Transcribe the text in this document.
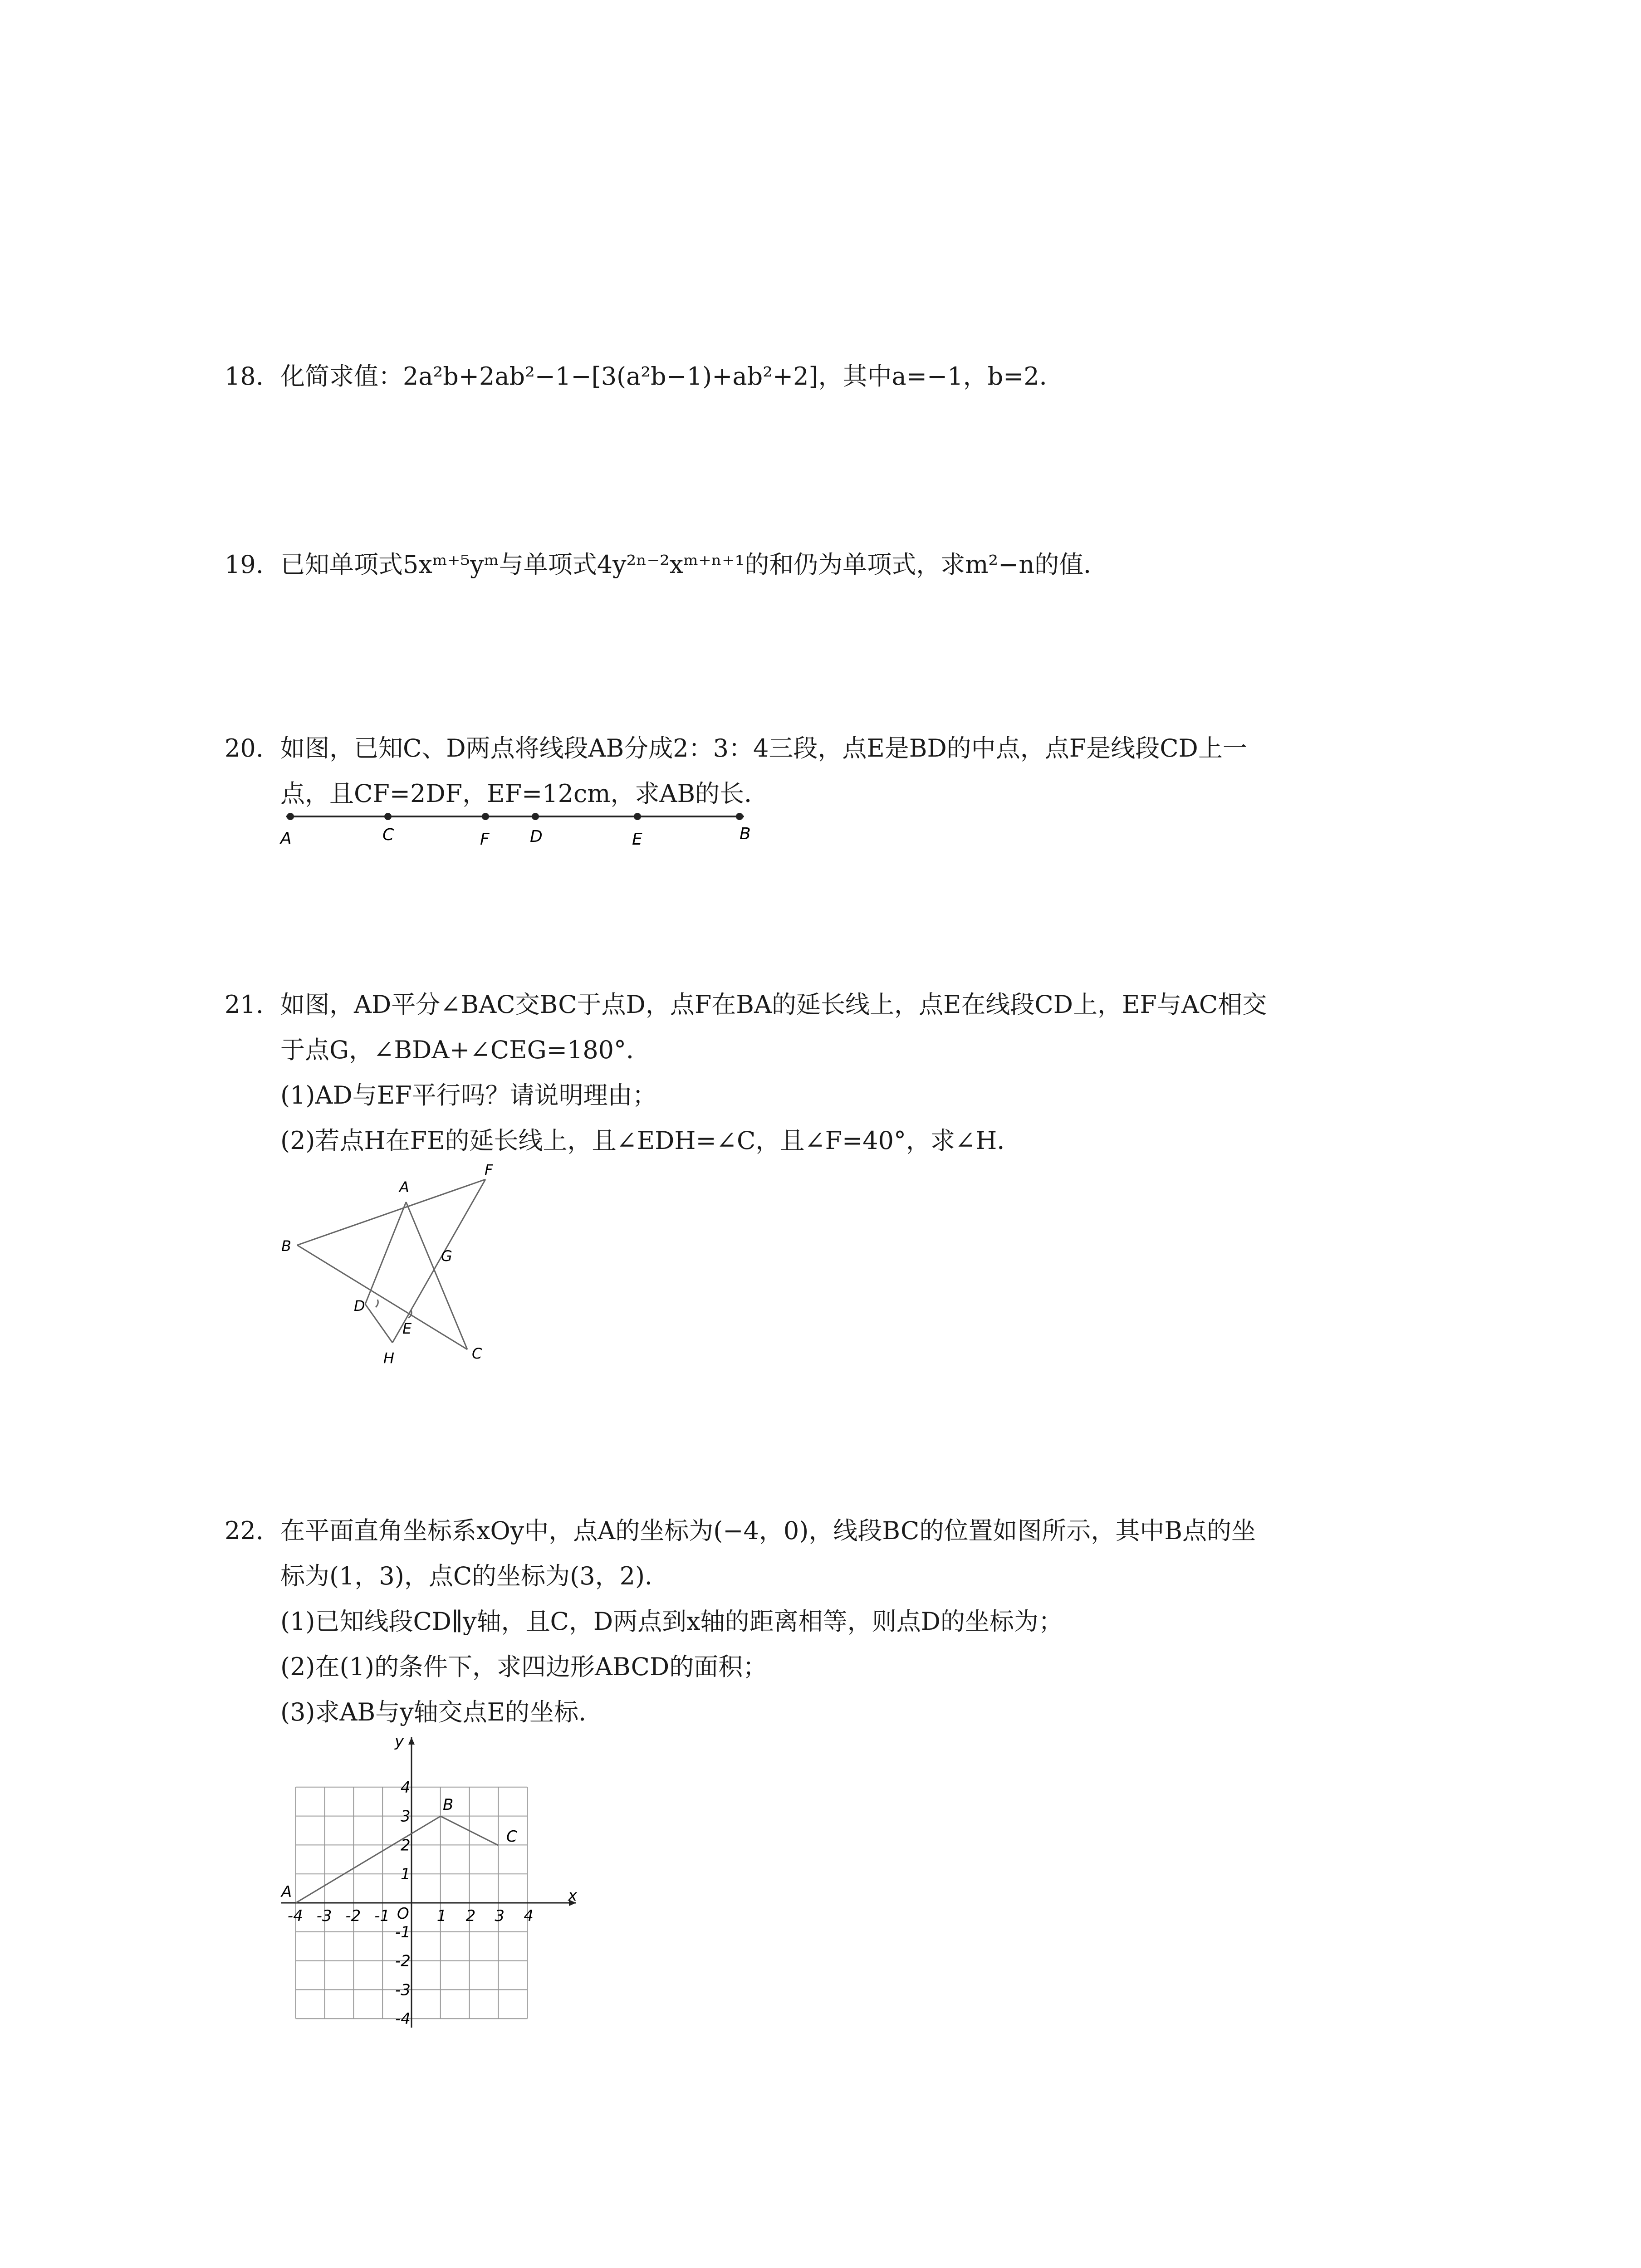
18. 化简求值：2a²b+2ab²−1−[3(a²b−1)+ab²+2]，其中a=−1，b=2．
19. 已知单项式5xᵐ⁺⁵yᵐ与单项式4y²ⁿ⁻²xᵐ⁺ⁿ⁺¹的和仍为单项式，求m²−n的值．
20. 如图，已知C、D两点将线段AB分成2：3：4三段，点E是BD的中点，点F是线段CD上一
点，且CF=2DF，EF=12cm，求AB的长．
A	C	F D	E	B
21. 如图，AD平分∠BAC交BC于点D，点F在BA的延长线上，点E在线段CD上，EF与AC相交
于点G，∠BDA+∠CEG=180°．
(1)AD与EF平行吗？请说明理由；
(2)若点H在FE的延长线上，且∠EDH=∠C，且∠F=40°，求∠H．
A
F
B
G
D
E
H	C
22. 在平面直角坐标系xOy中，点A的坐标为(−4，0)，线段BC的位置如图所示，其中B点的坐
标为(1，3)，点C的坐标为(3，2)．
(1)已知线段CD∥y轴，且C，D两点到x轴的距离相等，则点D的坐标为；
(2)在(1)的条件下，求四边形ABCD的面积；
(3)求AB与y轴交点E的坐标．
-4 -3 -2 -1	1 2 3 4
4
3
2
1
-1
-2
-3
-4
x
y
O
A
B
C
